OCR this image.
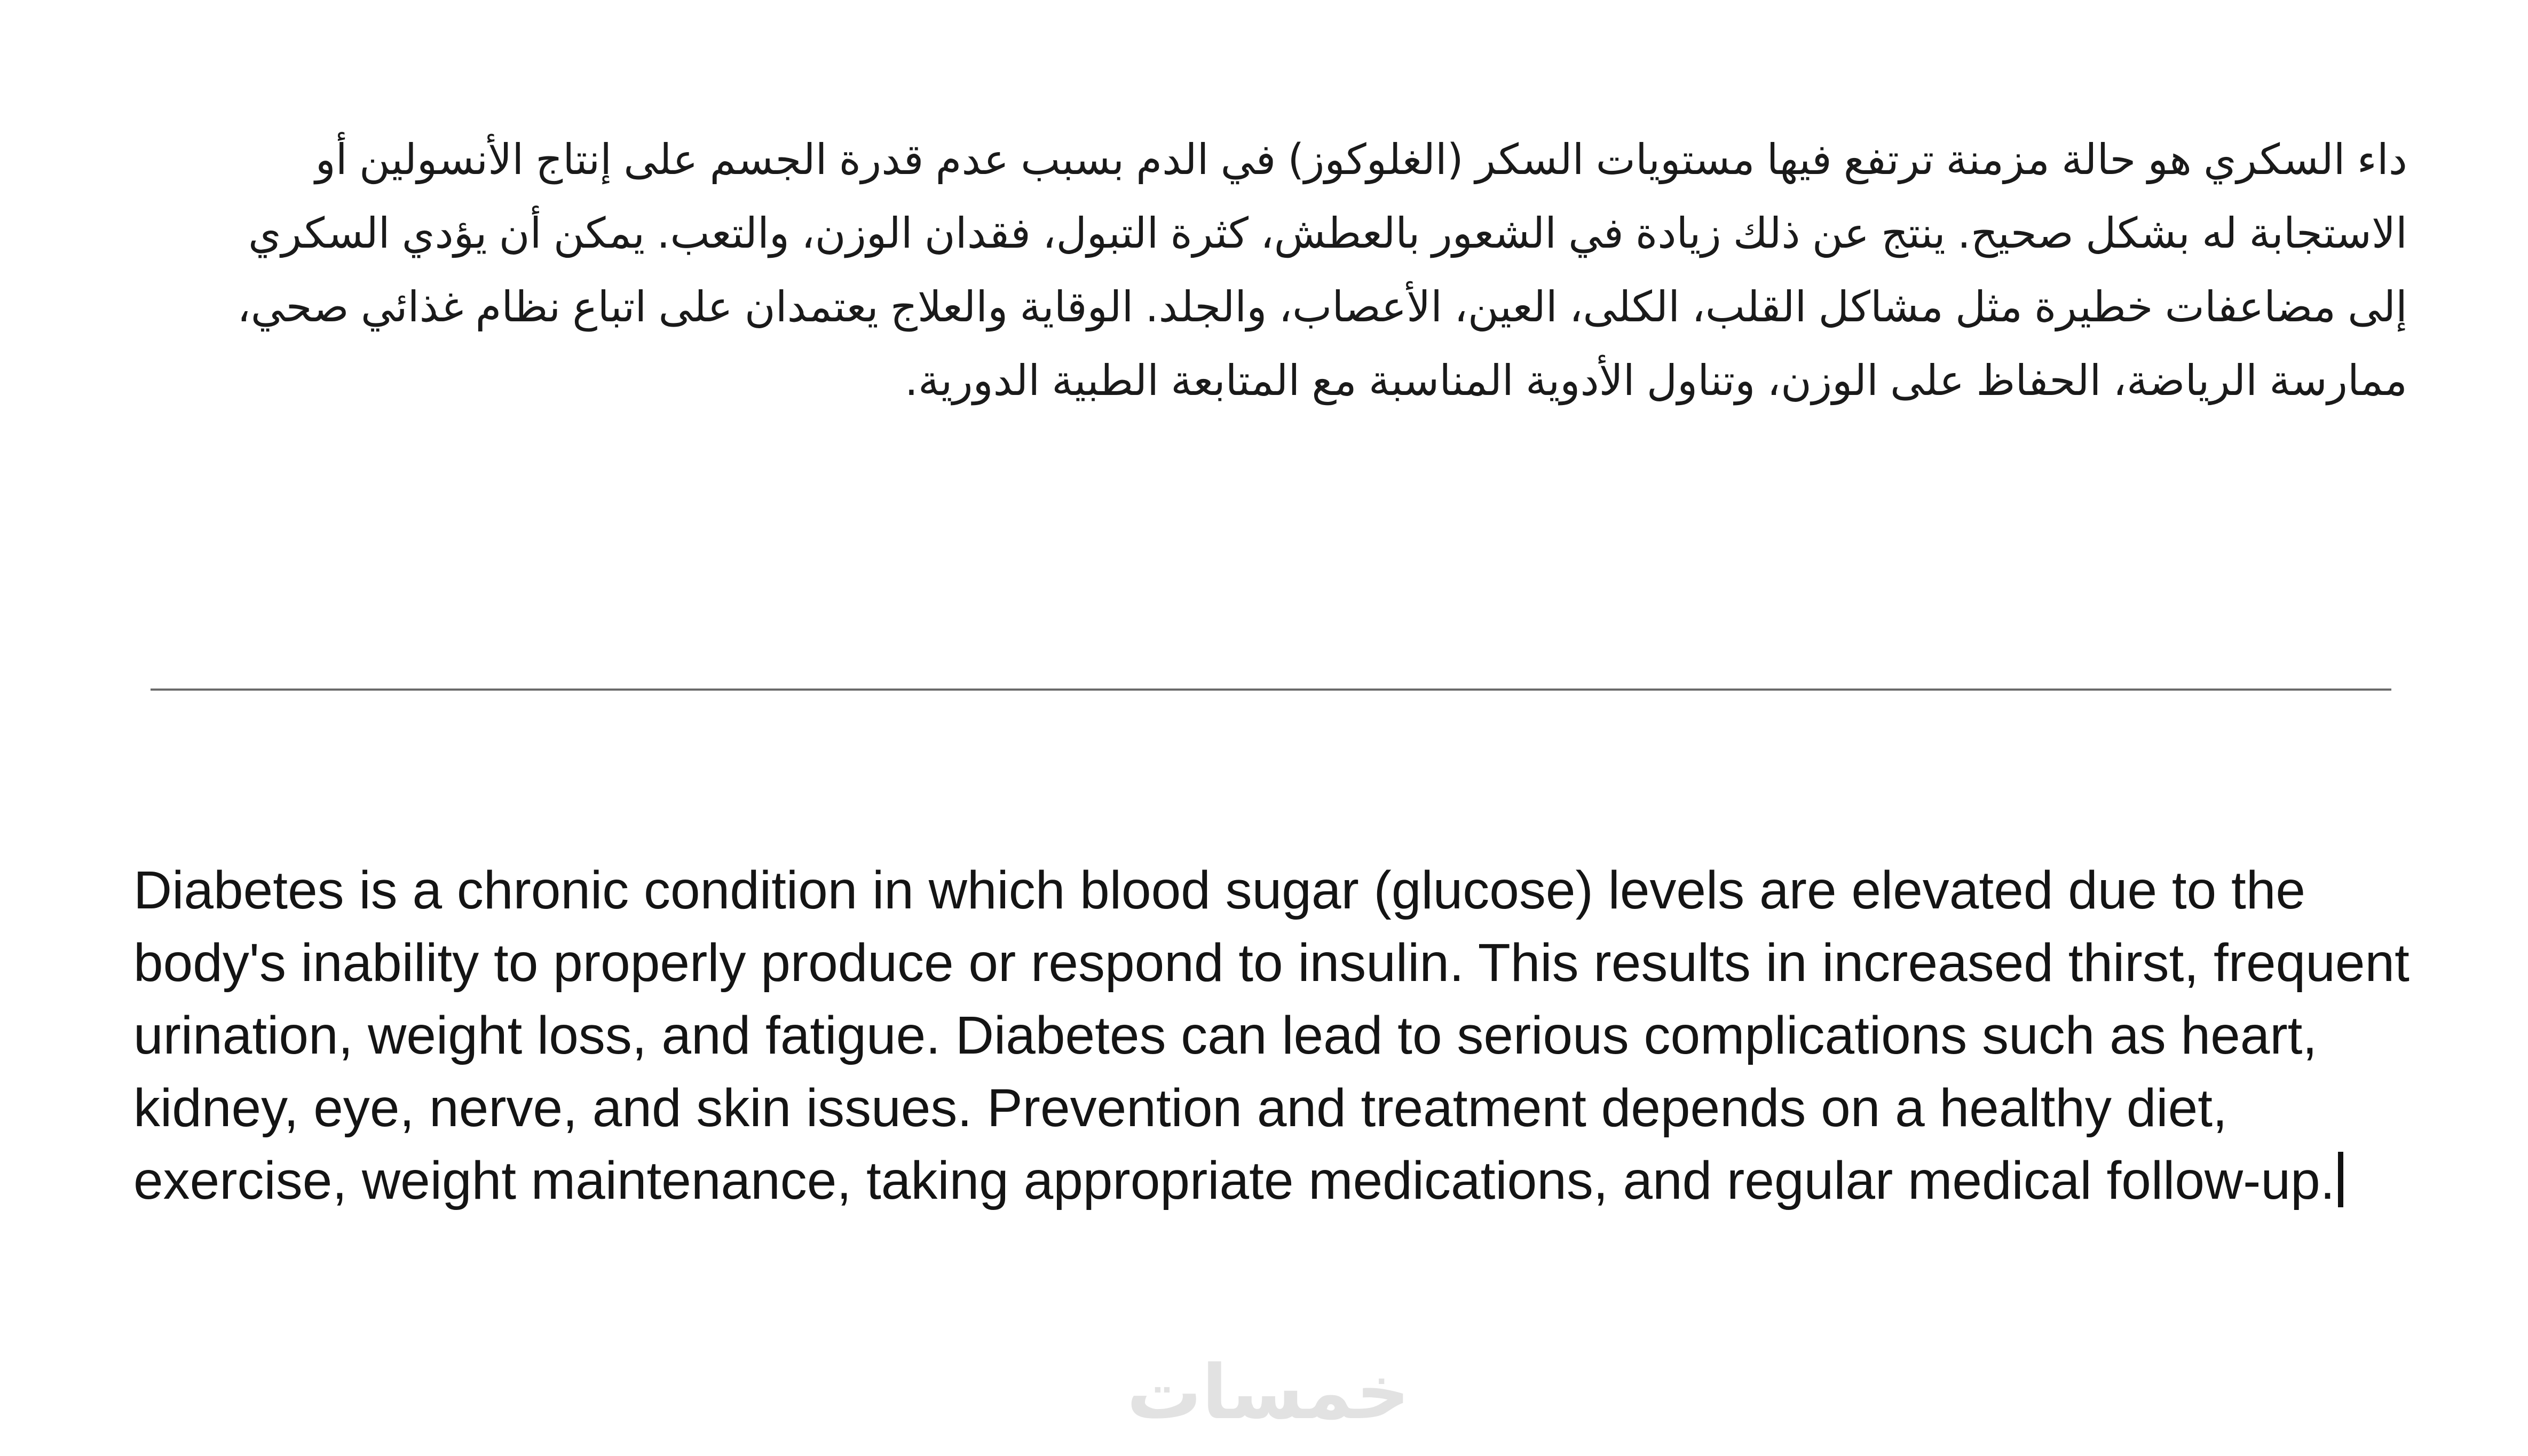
داء السكري هو حالة مزمنة ترتفع فيها مستويات السكر (الغلوكوز) في الدم بسبب عدم قدرة الجسم على إنتاج الأنسولين أو الاستجابة له بشكل صحيح. ينتج عن ذلك زيادة في الشعور بالعطش، كثرة التبول، فقدان الوزن، والتعب. يمكن أن يؤدي السكري إلى مضاعفات خطيرة مثل مشاكل القلب، الكلى، العين، الأعصاب، والجلد. الوقاية والعلاج يعتمدان على اتباع نظام غذائي صحي، ممارسة الرياضة، الحفاظ على الوزن، وتناول الأدوية المناسبة مع المتابعة الطبية الدورية.

Diabetes is a chronic condition in which blood sugar (glucose) levels are elevated due to the body's inability to properly produce or respond to insulin. This results in increased thirst, frequent urination, weight loss, and fatigue. Diabetes can lead to serious complications such as heart, kidney, eye, nerve, and skin issues. Prevention and treatment depends on a healthy diet, exercise, weight maintenance, taking appropriate medications, and regular medical follow-up.

خمسات
